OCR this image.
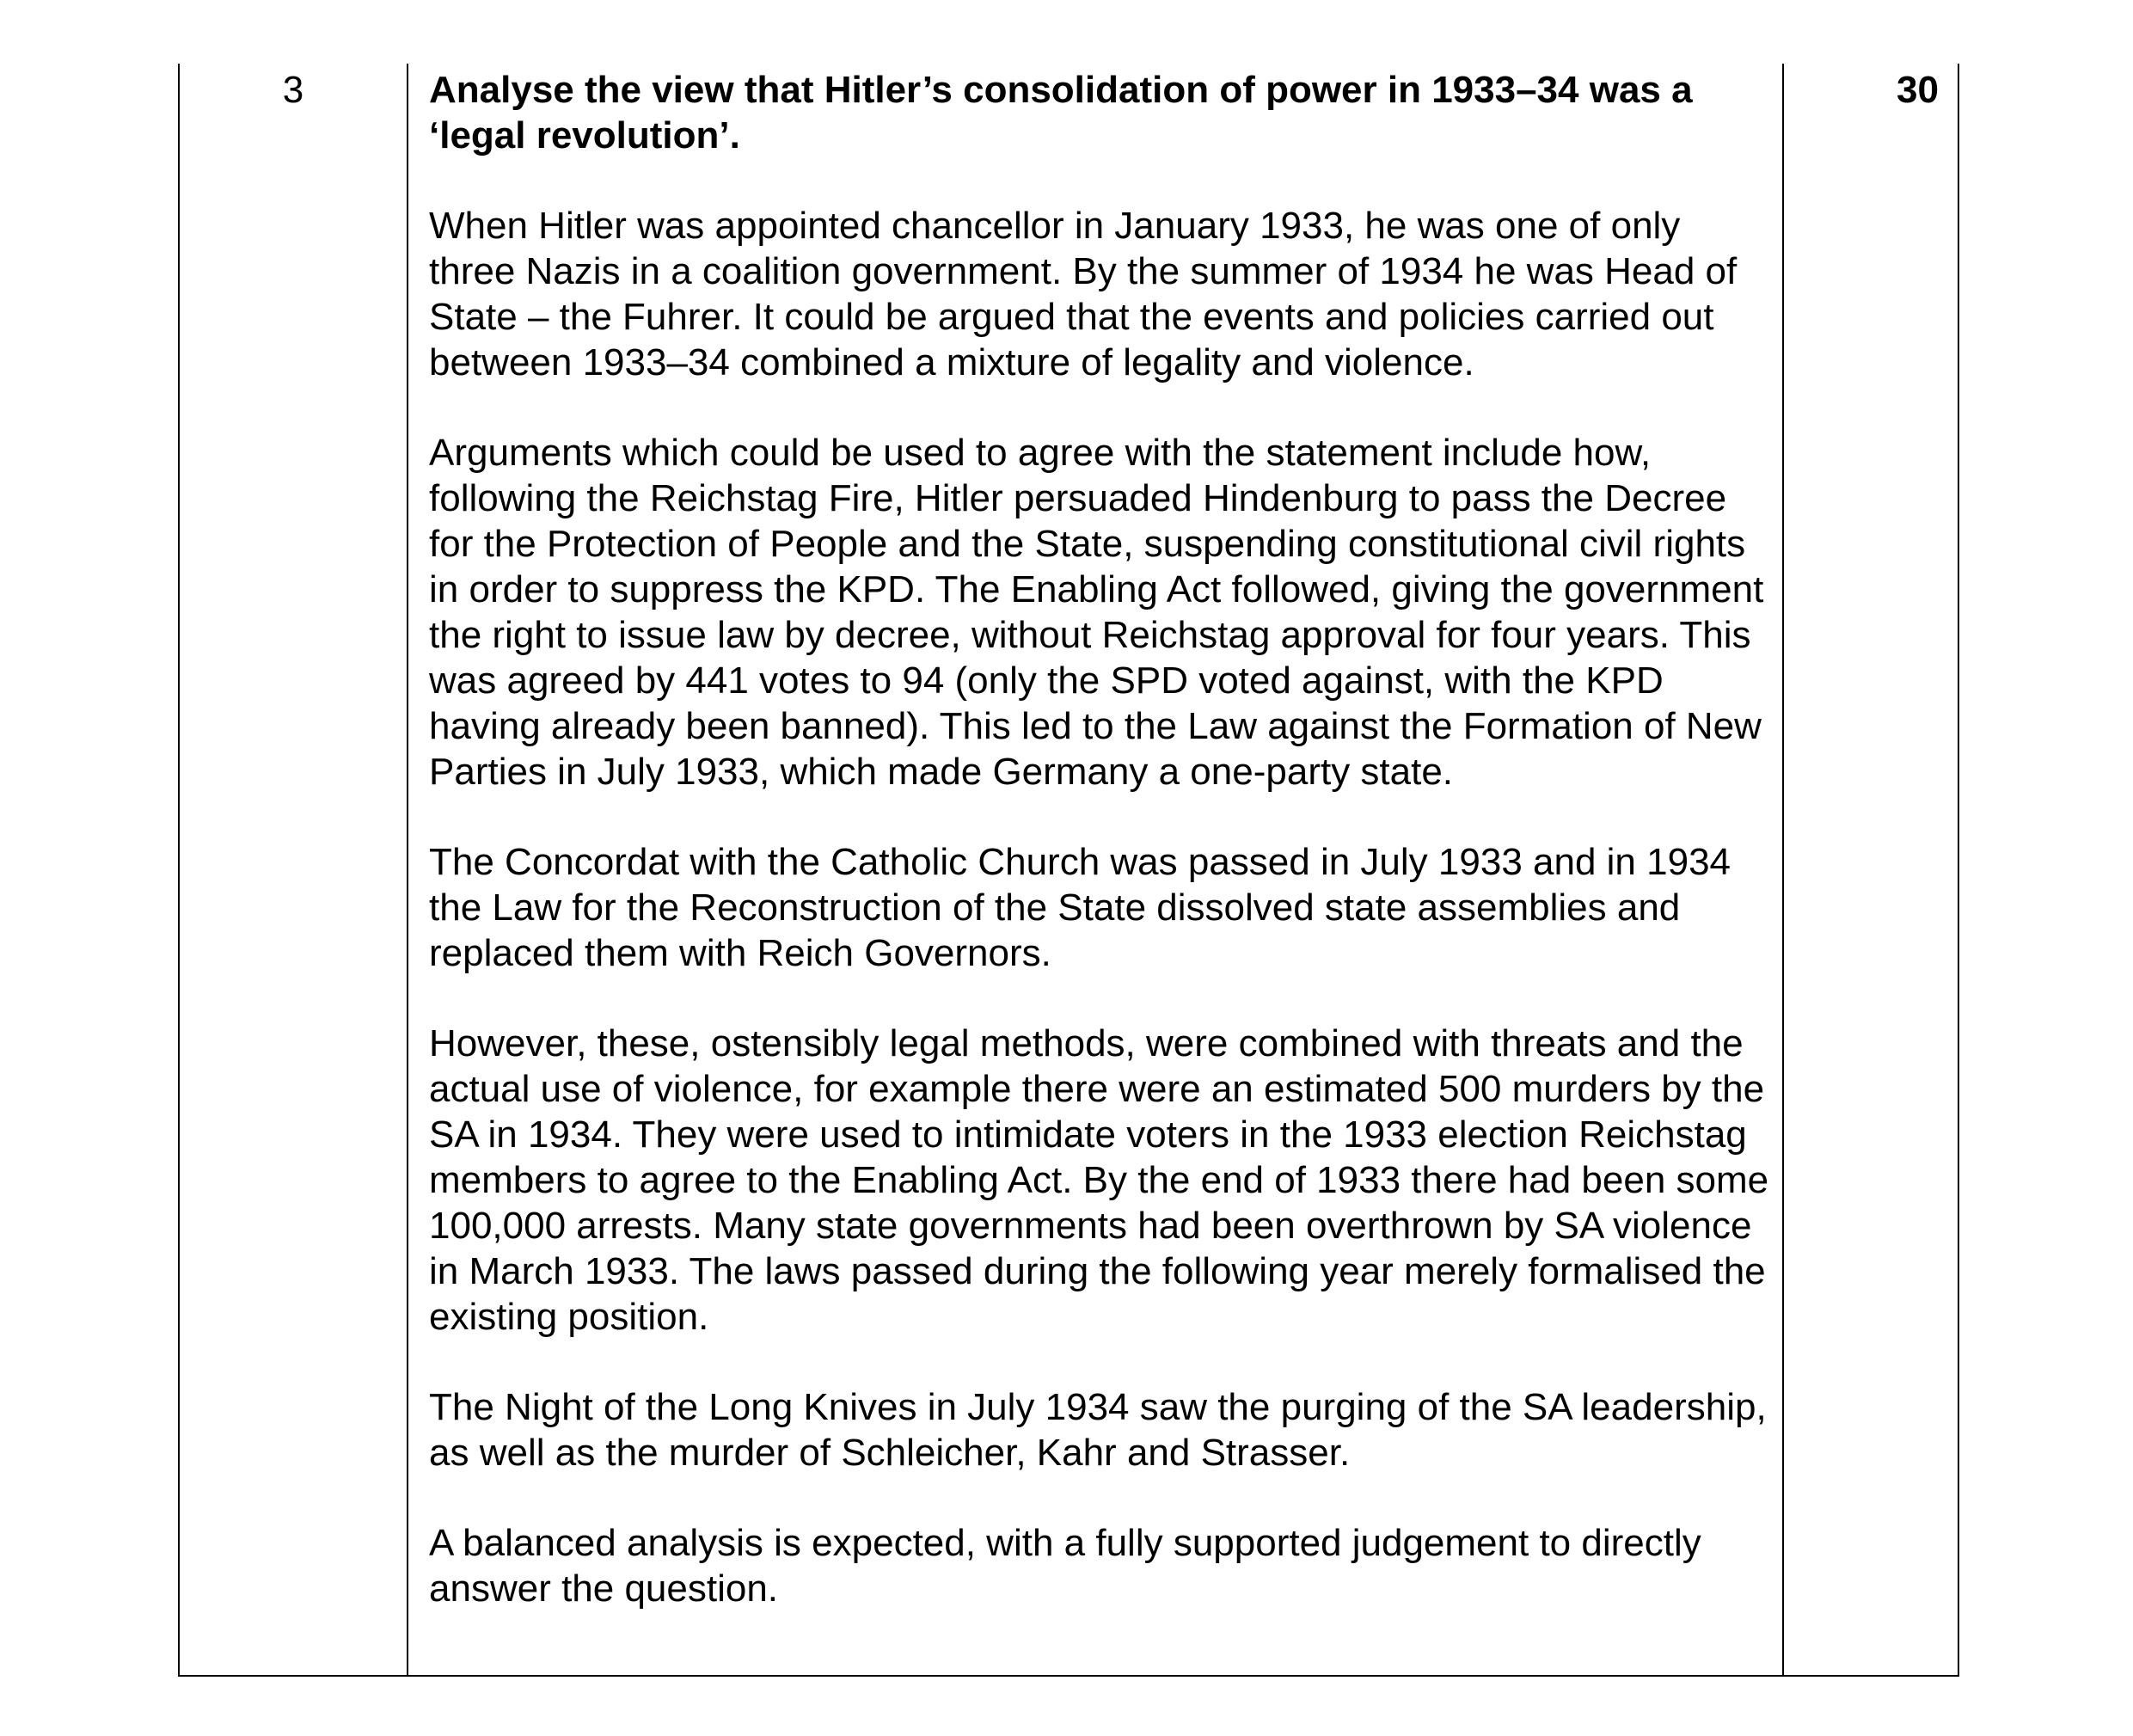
3	Analyse the view that Hitler’s consolidation of power in 1933–34 was a ‘legal revolution’.

When Hitler was appointed chancellor in January 1933, he was one of only three Nazis in a coalition government. By the summer of 1934 he was Head of State – the Fuhrer. It could be argued that the events and policies carried out between 1933–34 combined a mixture of legality and violence.

Arguments which could be used to agree with the statement include how, following the Reichstag Fire, Hitler persuaded Hindenburg to pass the Decree for the Protection of People and the State, suspending constitutional civil rights in order to suppress the KPD. The Enabling Act followed, giving the government the right to issue law by decree, without Reichstag approval for four years. This was agreed by 441 votes to 94 (only the SPD voted against, with the KPD having already been banned). This led to the Law against the Formation of New Parties in July 1933, which made Germany a one-party state.

The Concordat with the Catholic Church was passed in July 1933 and in 1934 the Law for the Reconstruction of the State dissolved state assemblies and replaced them with Reich Governors.

However, these, ostensibly legal methods, were combined with threats and the actual use of violence, for example there were an estimated 500 murders by the SA in 1934. They were used to intimidate voters in the 1933 election Reichstag members to agree to the Enabling Act. By the end of 1933 there had been some 100,000 arrests. Many state governments had been overthrown by SA violence in March 1933. The laws passed during the following year merely formalised the existing position.

The Night of the Long Knives in July 1934 saw the purging of the SA leadership, as well as the murder of Schleicher, Kahr and Strasser.

A balanced analysis is expected, with a fully supported judgement to directly answer the question.

30
